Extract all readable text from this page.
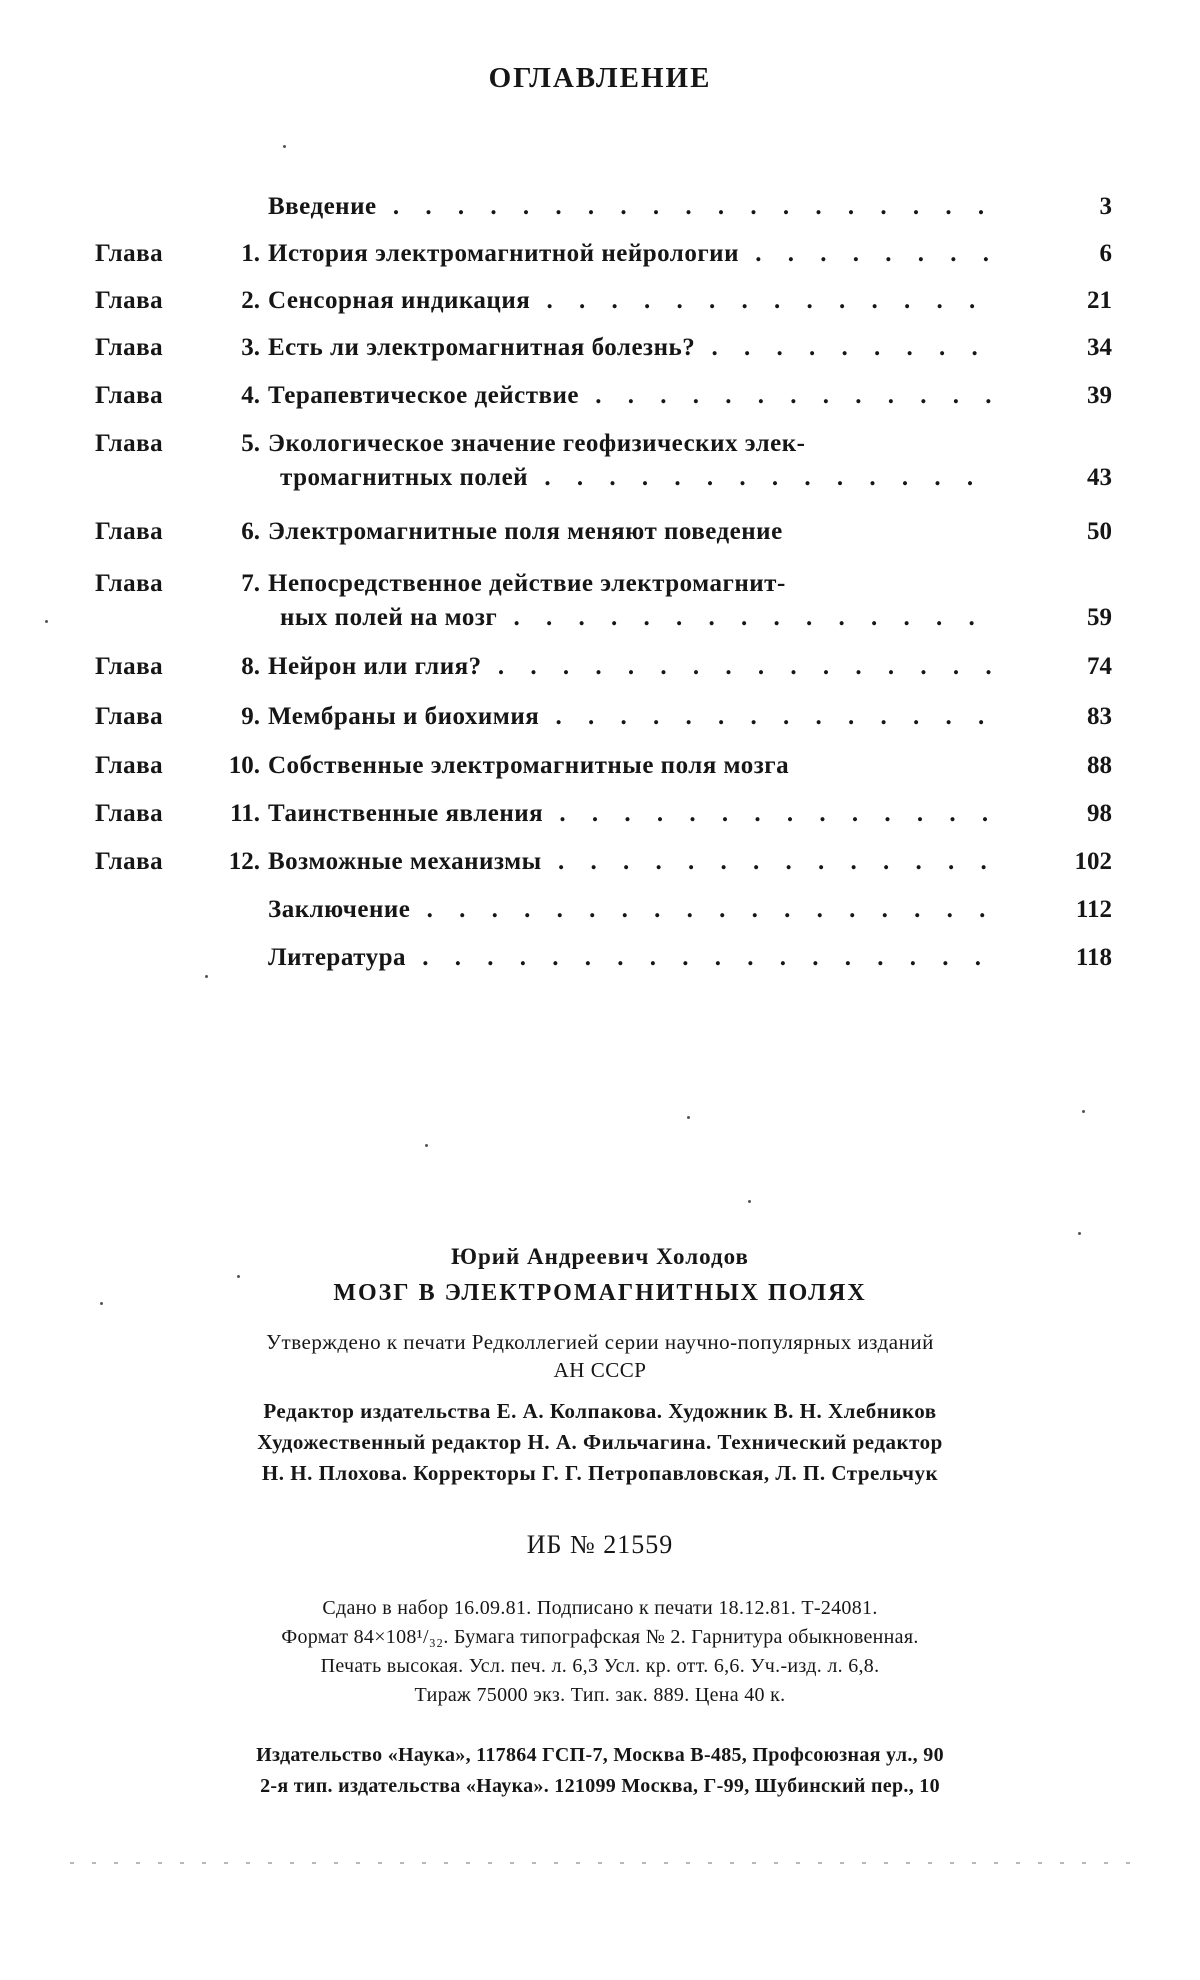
ОГЛАВЛЕНИЕ
Введение . . .	3
Глава	1. История электромагнитной нейрологии . . .	6
Глава	2. Сенсорная индикация . . .	21
Глава	3. Есть ли электромагнитная болезнь? . . .	34
Глава	4. Терапевтическое действие . . .	39
Глава	5. Экологическое значение геофизических элек-
тромагнитных полей . . .	43
Глава	6. Электромагнитные поля меняют поведение	50
Глава	7. Непосредственное действие электромагнит-
ных полей на мозг . . .	59
Глава	8. Нейрон или глия? . . .	74
Глава	9. Мембраны и биохимия . . .	83
Глава	10. Собственные электромагнитные поля мозга	88
Глава	11. Таинственные явления . . .	98
Глава	12. Возможные механизмы . . .	102
Заключение . . .	112
Литература . . .	118
Юрий Андреевич Холодов
МОЗГ В ЭЛЕКТРОМАГНИТНЫХ ПОЛЯХ
Утверждено к печати Редколлегией серии научно-популярных изданий
АН СССР
Редактор издательства Е. А. Колпакова. Художник В. Н. Хлебников
Художественный редактор Н. А. Фильчагина. Технический редактор
Н. Н. Плохова. Корректоры Г. Г. Петропавловская, Л. П. Стрельчук
ИБ № 21559
Сдано в набор 16.09.81. Подписано к печати 18.12.81. Т-24081.
Формат 84×108¹/₃₂. Бумага типографская № 2. Гарнитура обыкновенная.
Печать высокая. Усл. печ. л. 6,3 Усл. кр. отт. 6,6. Уч.-изд. л. 6,8.
Тираж 75000 экз. Тип. зак. 889. Цена 40 к.
Издательство «Наука», 117864 ГСП-7, Москва В-485, Профсоюзная ул., 90
2-я тип. издательства «Наука». 121099 Москва, Г-99, Шубинский пер., 10
